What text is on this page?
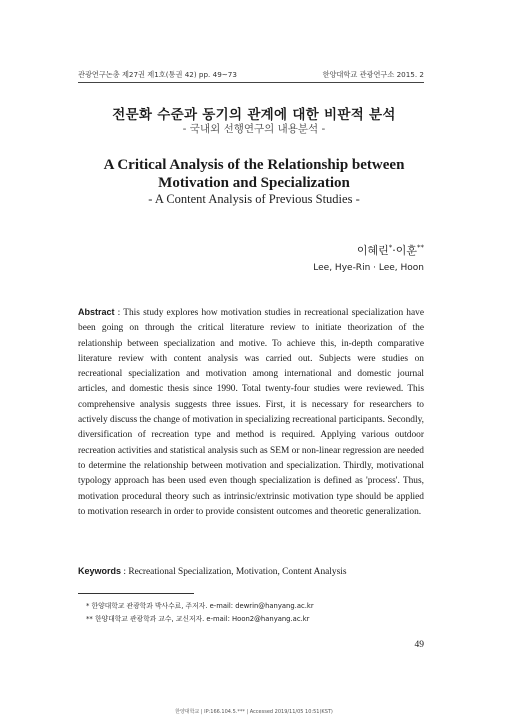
관광연구논총 제27권 제1호(통권 42) pp. 49~73	한양대학교 관광연구소 2015. 2
전문화 수준과 동기의 관계에 대한 비판적 분석
- 국내외 선행연구의 내용분석 -
A Critical Analysis of the Relationship between
Motivation and Specialization
- A Content Analysis of Previous Studies -
이혜린*·이훈**
Lee, Hye-Rin · Lee, Hoon
Abstract : This study explores how motivation studies in recreational specialization have been going on through the critical literature review to initiate theorization of the relationship between specialization and motive. To achieve this, in-depth comparative literature review with content analysis was carried out. Subjects were studies on recreational specialization and motivation among international and domestic journal articles, and domestic thesis since 1990. Total twenty-four studies were reviewed. This comprehensive analysis suggests three issues. First, it is necessary for researchers to actively discuss the change of motivation in specializing recreational participants. Secondly, diversification of recreation type and method is required. Applying various outdoor recreation activities and statistical analysis such as SEM or non-linear regression are needed to determine the relationship between motivation and specialization. Thirdly, motivational typology approach has been used even though specialization is defined as 'process'. Thus, motivation procedural theory such as intrinsic/extrinsic motivation type should be applied to motivation research in order to provide consistent outcomes and theoretic generalization.
Keywords : Recreational Specialization, Motivation, Content Analysis
* 한양대학교 관광학과 박사수료, 주저자. e-mail: dewrin@hanyang.ac.kr
** 한양대학교 관광학과 교수, 교신저자. e-mail: Hoon2@hanyang.ac.kr
49
한양대학교 | IP:166.104.5.*** | Accessed 2019/11/05 10:51(KST)
